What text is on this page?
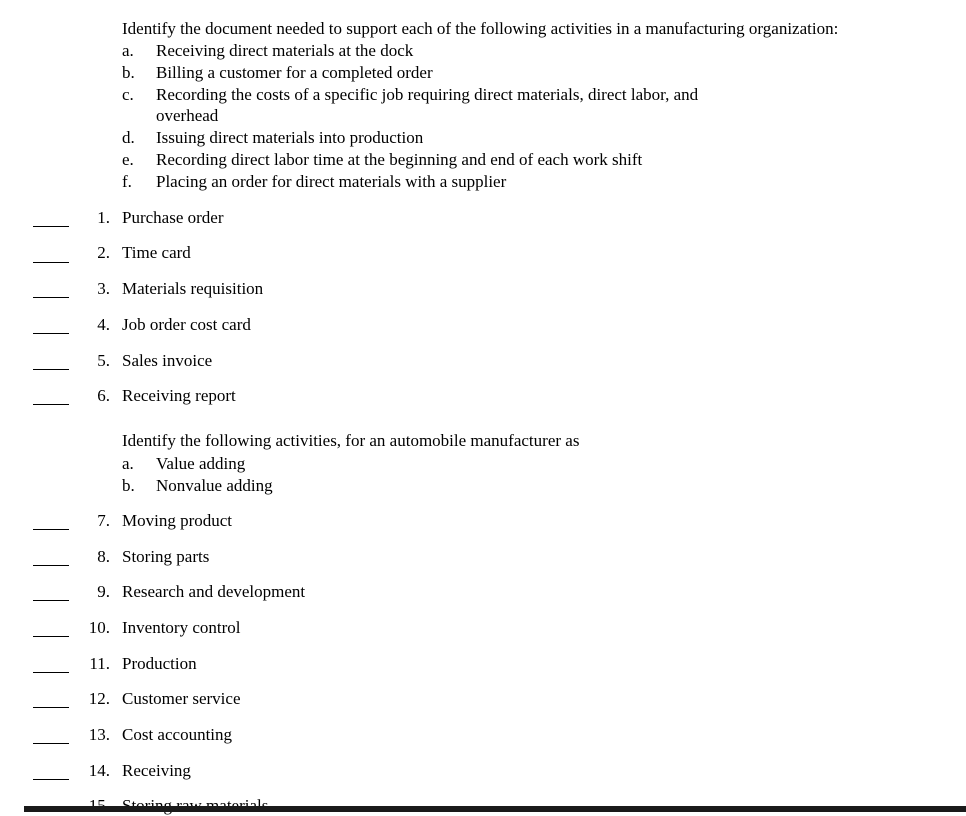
Identify the document needed to support each of the following activities in a manufacturing organization:
a. Receiving direct materials at the dock
b. Billing a customer for a completed order
c. Recording the costs of a specific job requiring direct materials, direct labor, and
overhead
d. Issuing direct materials into production
e. Recording direct labor time at the beginning and end of each work shift
f. Placing an order for direct materials with a supplier
1. Purchase order
2. Time card
3. Materials requisition
4. Job order cost card
5. Sales invoice
6. Receiving report
Identify the following activities, for an automobile manufacturer as
a. Value adding
b. Nonvalue adding
7. Moving product
8. Storing parts
9. Research and development
10. Inventory control
11. Production
12. Customer service
13. Cost accounting
14. Receiving
